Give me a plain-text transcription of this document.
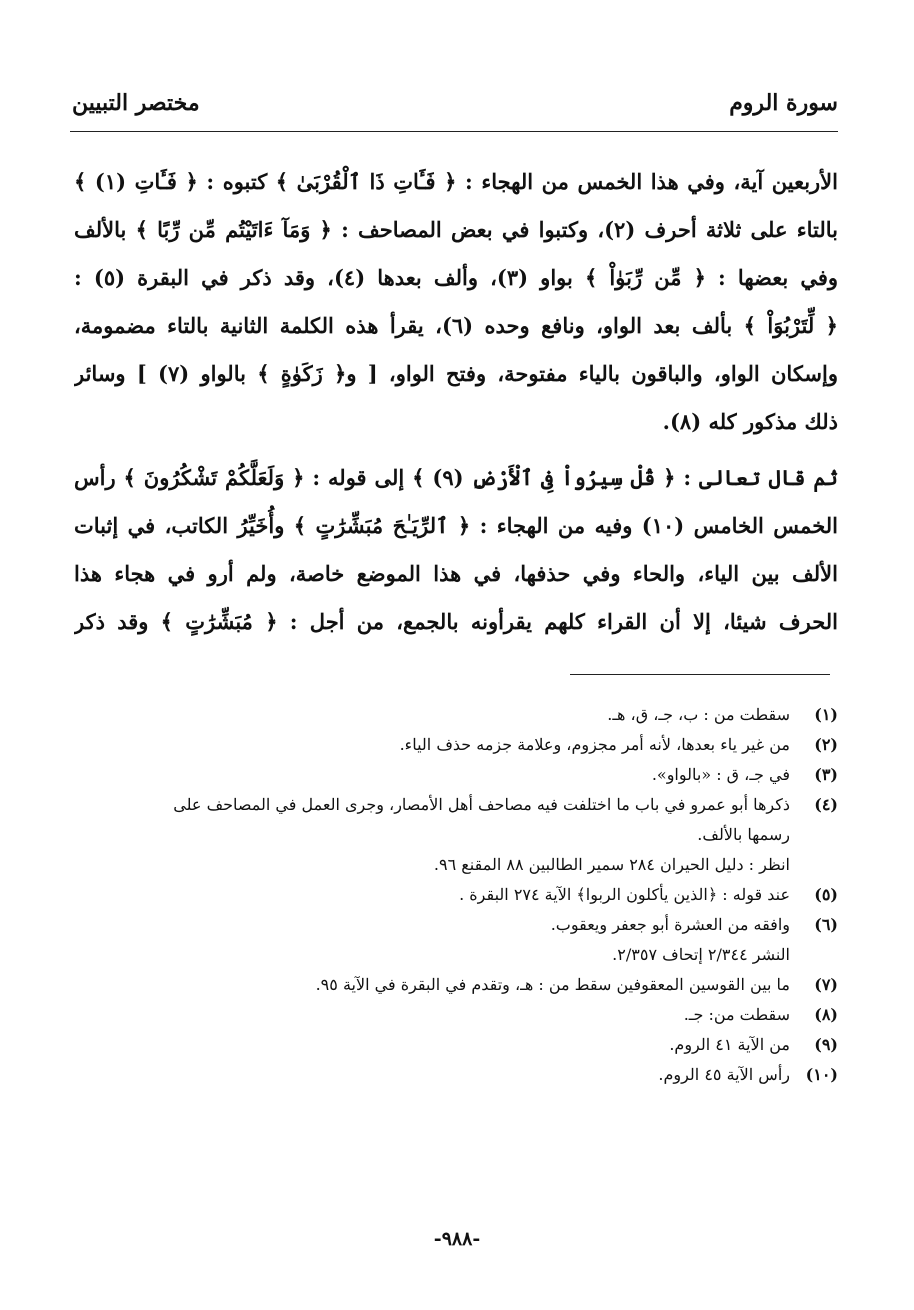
سورة الروم
مختصر التبيين
الأربعين آية، وفي هذا الخمس من الهجاء : ﴿ فَـَٔاتِ ذَا ٱلْقُرْبَىٰ ﴾ كتبوه : ﴿ فَـَٔاتِ (١) ﴾
بالتاء على ثلاثة أحرف (٢)، وكتبوا في بعض المصاحف : ﴿ وَمَآ ءَاتَيْتُم مِّن رِّبًا ﴾ بالألف
وفي بعضها : ﴿ مِّن رِّبَوٰاْ ﴾ بواو (٣)، وألف بعدها (٤)، وقد ذكر في البقرة (٥) :
﴿ لِّتَرْبُوَاْ ﴾ بألف بعد الواو، ونافع وحده (٦)، يقرأ هذه الكلمة الثانية بالتاء مضمومة،
وإسكان الواو، والباقون بالياء مفتوحة، وفتح الواو، [ و﴿ زَكَوٰةٍ ﴾ بالواو (٧) ] وسائر
ذلك مذكور كله (٨).
ثم قال تعالى : ﴿ قُلْ سِيرُواْ فِى ٱلْأَرْضِ (٩) ﴾ إلى قوله : ﴿ وَلَعَلَّكُمْ تَشْكُرُونَ ﴾ رأس
الخمس الخامس (١٠) وفيه من الهجاء : ﴿ ٱلرِّيَـٰحَ مُبَشِّرَٰتٍ ﴾ وأُخَيِّرُ الكاتب، في إثبات
الألف بين الياء، والحاء وفي حذفها، في هذا الموضع خاصة، ولم أرو في هجاء هذا
الحرف شيئا، إلا أن القراء كلهم يقرأونه بالجمع، من أجل : ﴿ مُبَشِّرَٰتٍ ﴾ وقد ذكر
(١)
سقطت من : ب، جـ، ق، هـ.
(٢)
من غير ياء بعدها، لأنه أمر مجزوم، وعلامة جزمه حذف الياء.
(٣)
في جـ، ق : «بالواو».
(٤)
ذكرها أبو عمرو في باب ما اختلفت فيه مصاحف أهل الأمصار، وجرى العمل في المصاحف على
رسمها بالألف.
انظر : دليل الحيران ٢٨٤ سمير الطالبين ٨٨ المقنع ٩٦.
(٥)
عند قوله : ﴿الذين يأكلون الربوا﴾ الآية ٢٧٤ البقرة .
(٦)
وافقه من العشرة أبو جعفر ويعقوب.
النشر ٢/٣٤٤ إتحاف ٢/٣٥٧.
(٧)
ما بين القوسين المعقوفين سقط من : هـ، وتقدم في البقرة في الآية ٩٥.
(٨)
سقطت من: جـ.
(٩)
من الآية ٤١ الروم.
(١٠)
رأس الآية ٤٥ الروم.
-٩٨٨-
